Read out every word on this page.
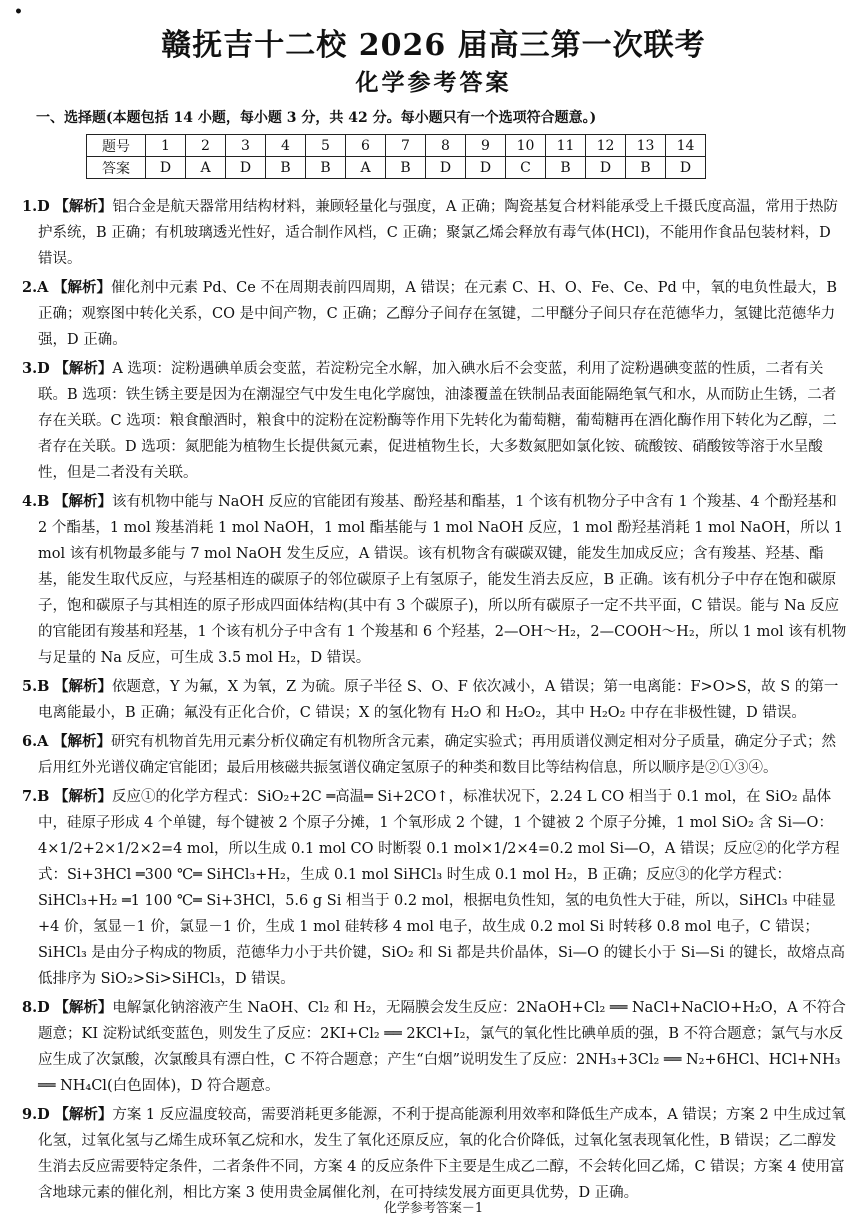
•
赣抚吉十二校 2026 届高三第一次联考
化学参考答案
一、选择题(本题包括 14 小题，每小题 3 分，共 42 分。每小题只有一个选项符合题意。)
题号	1	2	3	4	5	6	7	8	9	10	11	12	13	14
答案	D	A	D	B	B	A	B	D	D	C	B	D	B	D

1.D 【解析】铝合金是航天器常用结构材料，兼顾轻量化与强度，A 正确；陶瓷基复合材料能承受上千摄氏度高温，常用于热防护系统，B 正确；有机玻璃透光性好，适合制作风档，C 正确；聚氯乙烯会释放有毒气体(HCl)，不能用作食品包装材料，D 错误。

2.A 【解析】催化剂中元素 Pd、Ce 不在周期表前四周期，A 错误；在元素 C、H、O、Fe、Ce、Pd 中，氧的电负性最大，B 正确；观察图中转化关系，CO 是中间产物，C 正确；乙醇分子间存在氢键，二甲醚分子间只存在范德华力，氢键比范德华力强，D 正确。

3.D 【解析】A 选项：淀粉遇碘单质会变蓝，若淀粉完全水解，加入碘水后不会变蓝，利用了淀粉遇碘变蓝的性质，二者有关联。B 选项：铁生锈主要是因为在潮湿空气中发生电化学腐蚀，油漆覆盖在铁制品表面能隔绝氧气和水，从而防止生锈，二者存在关联。C 选项：粮食酿酒时，粮食中的淀粉在淀粉酶等作用下先转化为葡萄糖，葡萄糖再在酒化酶作用下转化为乙醇，二者存在关联。D 选项：氮肥能为植物生长提供氮元素，促进植物生长，大多数氮肥如氯化铵、硫酸铵、硝酸铵等溶于水呈酸性，但是二者没有关联。

4.B 【解析】该有机物中能与 NaOH 反应的官能团有羧基、酚羟基和酯基，1 个该有机物分子中含有 1 个羧基、4 个酚羟基和 2 个酯基，1 mol 羧基消耗 1 mol NaOH，1 mol 酯基能与 1 mol NaOH 反应，1 mol 酚羟基消耗 1 mol NaOH，所以 1 mol 该有机物最多能与 7 mol NaOH 发生反应，A 错误。该有机物含有碳碳双键，能发生加成反应；含有羧基、羟基、酯基，能发生取代反应，与羟基相连的碳原子的邻位碳原子上有氢原子，能发生消去反应，B 正确。该有机分子中存在饱和碳原子，饱和碳原子与其相连的原子形成四面体结构(其中有 3 个碳原子)，所以所有碳原子一定不共平面，C 错误。能与 Na 反应的官能团有羧基和羟基，1 个该有机分子中含有 1 个羧基和 6 个羟基，2—OH～H₂，2—COOH～H₂，所以 1 mol 该有机物与足量的 Na 反应，可生成 3.5 mol H₂，D 错误。

5.B 【解析】依题意，Y 为氟，X 为氧，Z 为硫。原子半径 S、O、F 依次减小，A 错误；第一电离能：F>O>S，故 S 的第一电离能最小，B 正确；氟没有正化合价，C 错误；X 的氢化物有 H₂O 和 H₂O₂，其中 H₂O₂ 中存在非极性键，D 错误。

6.A 【解析】研究有机物首先用元素分析仪确定有机物所含元素，确定实验式；再用质谱仪测定相对分子质量，确定分子式；然后用红外光谱仪确定官能团；最后用核磁共振氢谱仪确定氢原子的种类和数目比等结构信息，所以顺序是②①③④。

7.B 【解析】反应①的化学方程式：SiO₂+2C ═高温═ Si+2CO↑，标准状况下，2.24 L CO 相当于 0.1 mol，在 SiO₂ 晶体中，硅原子形成 4 个单键，每个键被 2 个原子分摊，1 个氧形成 2 个键，1 个键被 2 个原子分摊，1 mol SiO₂ 含 Si—O：4×1/2+2×1/2×2=4 mol，所以生成 0.1 mol CO 时断裂 0.1 mol×1/2×4=0.2 mol Si—O，A 错误；反应②的化学方程式：Si+3HCl ═300 ℃═ SiHCl₃+H₂，生成 0.1 mol SiHCl₃ 时生成 0.1 mol H₂，B 正确；反应③的化学方程式：SiHCl₃+H₂ ═1 100 ℃═ Si+3HCl，5.6 g Si 相当于 0.2 mol，根据电负性知，氢的电负性大于硅，所以，SiHCl₃ 中硅显+4 价，氢显－1 价，氯显－1 价，生成 1 mol 硅转移 4 mol 电子，故生成 0.2 mol Si 时转移 0.8 mol 电子，C 错误；SiHCl₃ 是由分子构成的物质，范德华力小于共价键，SiO₂ 和 Si 都是共价晶体，Si—O 的键长小于 Si—Si 的键长，故熔点高低排序为 SiO₂>Si>SiHCl₃，D 错误。

8.D 【解析】电解氯化钠溶液产生 NaOH、Cl₂ 和 H₂，无隔膜会发生反应：2NaOH+Cl₂ ══ NaCl+NaClO+H₂O，A 不符合题意；KI 淀粉试纸变蓝色，则发生了反应：2KI+Cl₂ ══ 2KCl+I₂，氯气的氧化性比碘单质的强，B 不符合题意；氯气与水反应生成了次氯酸，次氯酸具有漂白性，C 不符合题意；产生“白烟”说明发生了反应：2NH₃+3Cl₂ ══ N₂+6HCl、HCl+NH₃ ══ NH₄Cl(白色固体)，D 符合题意。

9.D 【解析】方案 1 反应温度较高，需要消耗更多能源，不利于提高能源利用效率和降低生产成本，A 错误；方案 2 中生成过氧化氢，过氧化氢与乙烯生成环氧乙烷和水，发生了氧化还原反应，氧的化合价降低，过氧化氢表现氧化性，B 错误；乙二醇发生消去反应需要特定条件，二者条件不同，方案 4 的反应条件下主要是生成乙二醇，不会转化回乙烯，C 错误；方案 4 使用富含地球元素的催化剂，相比方案 3 使用贵金属催化剂，在可持续发展方面更具优势，D 正确。

化学参考答案－1
